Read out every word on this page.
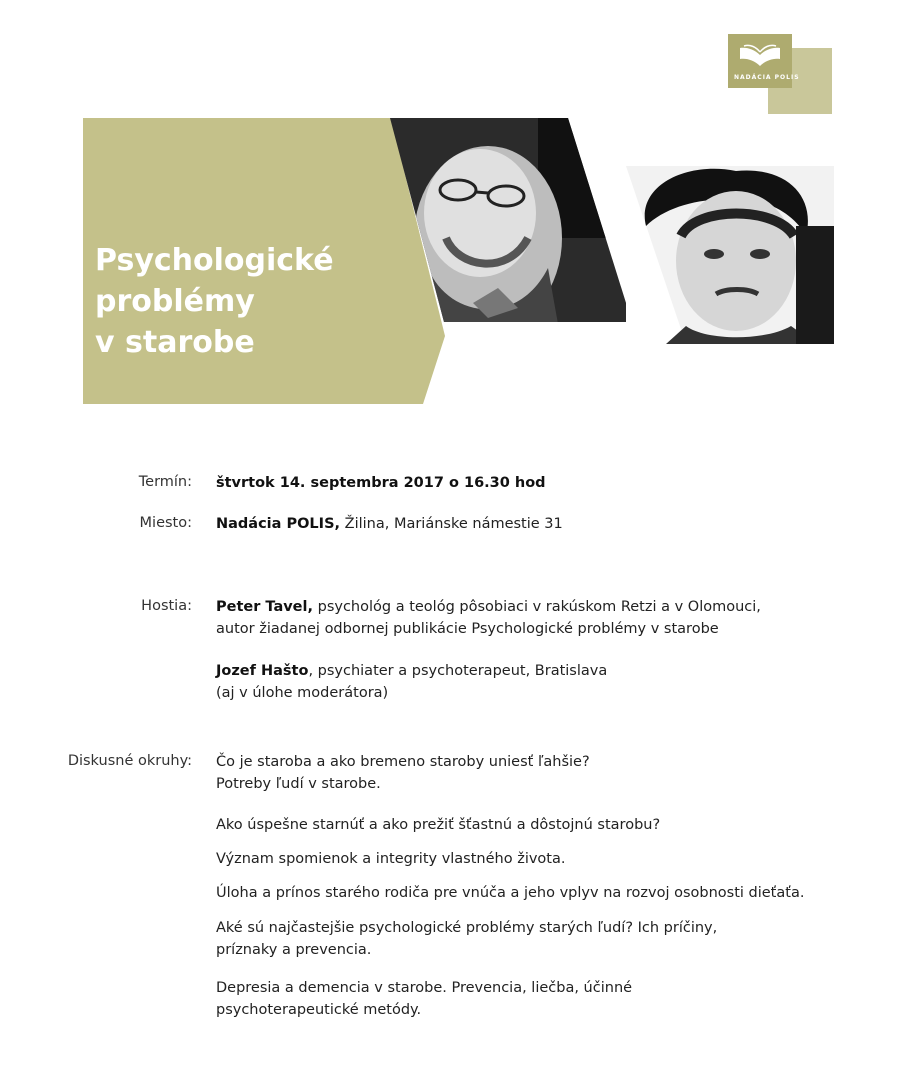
NADÁCIA POLIS
Psychologické
problémy
v starobe
Termín: štvrtok 14. septembra 2017 o 16.30 hod
Miesto: Nadácia POLIS, Žilina, Mariánske námestie 31
Hostia: Peter Tavel, psychológ a teológ pôsobiaci v rakúskom Retzi a v Olomouci,
autor žiadanej odbornej publikácie Psychologické problémy v starobe
Jozef Hašto, psychiater a psychoterapeut, Bratislava
(aj v úlohe moderátora)
Diskusné okruhy: Čo je staroba a ako bremeno staroby uniesť ľahšie?
Potreby ľudí v starobe.
Ako úspešne starnúť a ako prežiť šťastnú a dôstojnú starobu?
Význam spomienok a integrity vlastného života.
Úloha a prínos starého rodiča pre vnúča a jeho vplyv na rozvoj osobnosti dieťaťa.
Aké sú najčastejšie psychologické problémy starých ľudí? Ich príčiny,
príznaky a prevencia.
Depresia a demencia v starobe. Prevencia, liečba, účinné
psychoterapeutické metódy.
